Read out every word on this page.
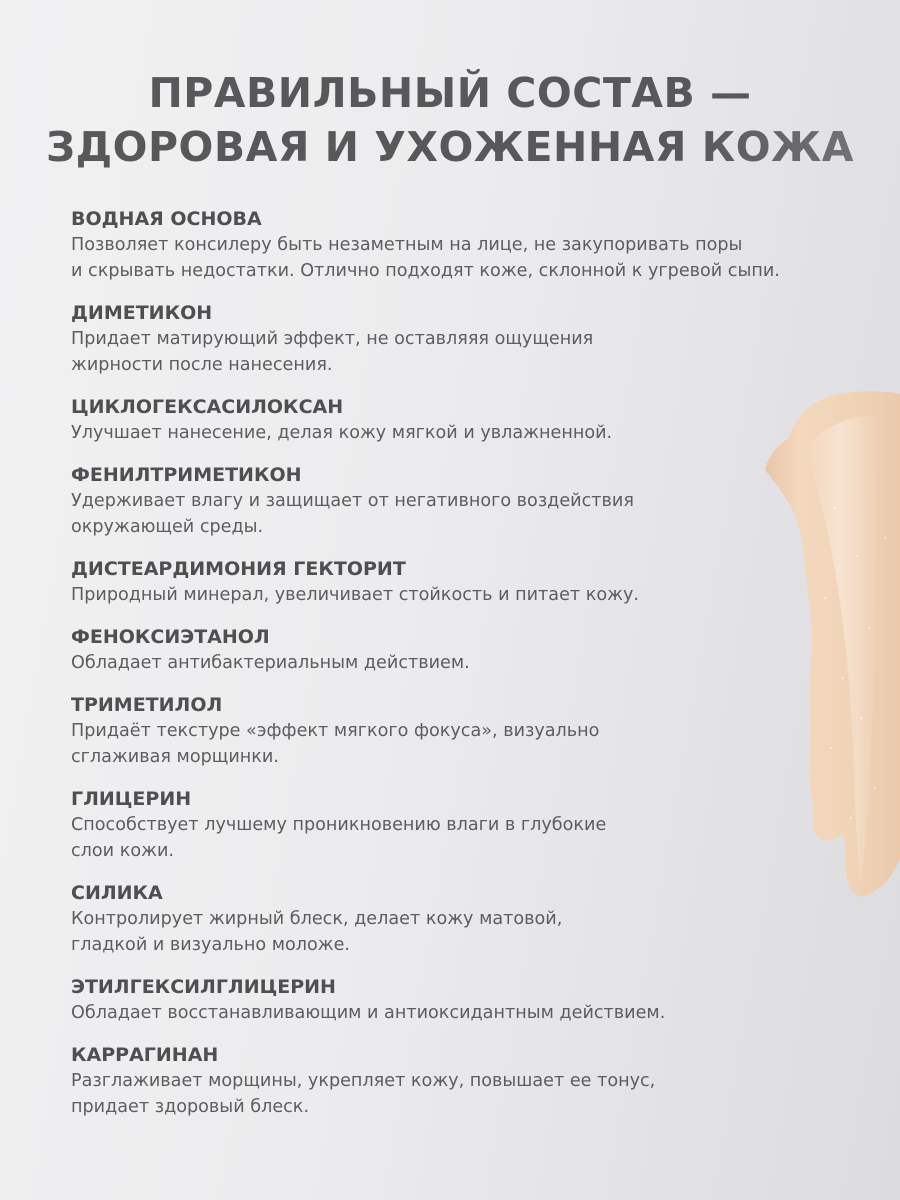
ПРАВИЛЬНЫЙ СОСТАВ —
ЗДОРОВАЯ И УХОЖЕННАЯ КОЖА
ВОДНАЯ ОСНОВА
Позволяет консилеру быть незаметным на лице, не закупоривать поры
и скрывать недостатки. Отлично подходят коже, склонной к угревой сыпи.
ДИМЕТИКОН
Придает матирующий эффект, не оставляяя ощущения
жирности после нанесения.
ЦИКЛОГЕКСАСИЛОКСАН
Улучшает нанесение, делая кожу мягкой и увлажненной.
ФЕНИЛТРИМЕТИКОН
Удерживает влагу и защищает от негативного воздействия
окружающей среды.
ДИСТЕАРДИМОНИЯ ГЕКТОРИТ
Природный минерал, увеличивает стойкость и питает кожу.
ФЕНОКСИЭТАНОЛ
Обладает антибактериальным действием.
ТРИМЕТИЛОЛ
Придаёт текстуре «эффект мягкого фокуса», визуально
сглаживая морщинки.
ГЛИЦЕРИН
Способствует лучшему проникновению влаги в глубокие
слои кожи.
СИЛИКА
Контролирует жирный блеск, делает кожу матовой,
гладкой и визуально моложе.
ЭТИЛГЕКСИЛГЛИЦЕРИН
Обладает восстанавливающим и антиоксидантным действием.
КАРРАГИНАН
Разглаживает морщины, укрепляет кожу, повышает ее тонус,
придает здоровый блеск.
